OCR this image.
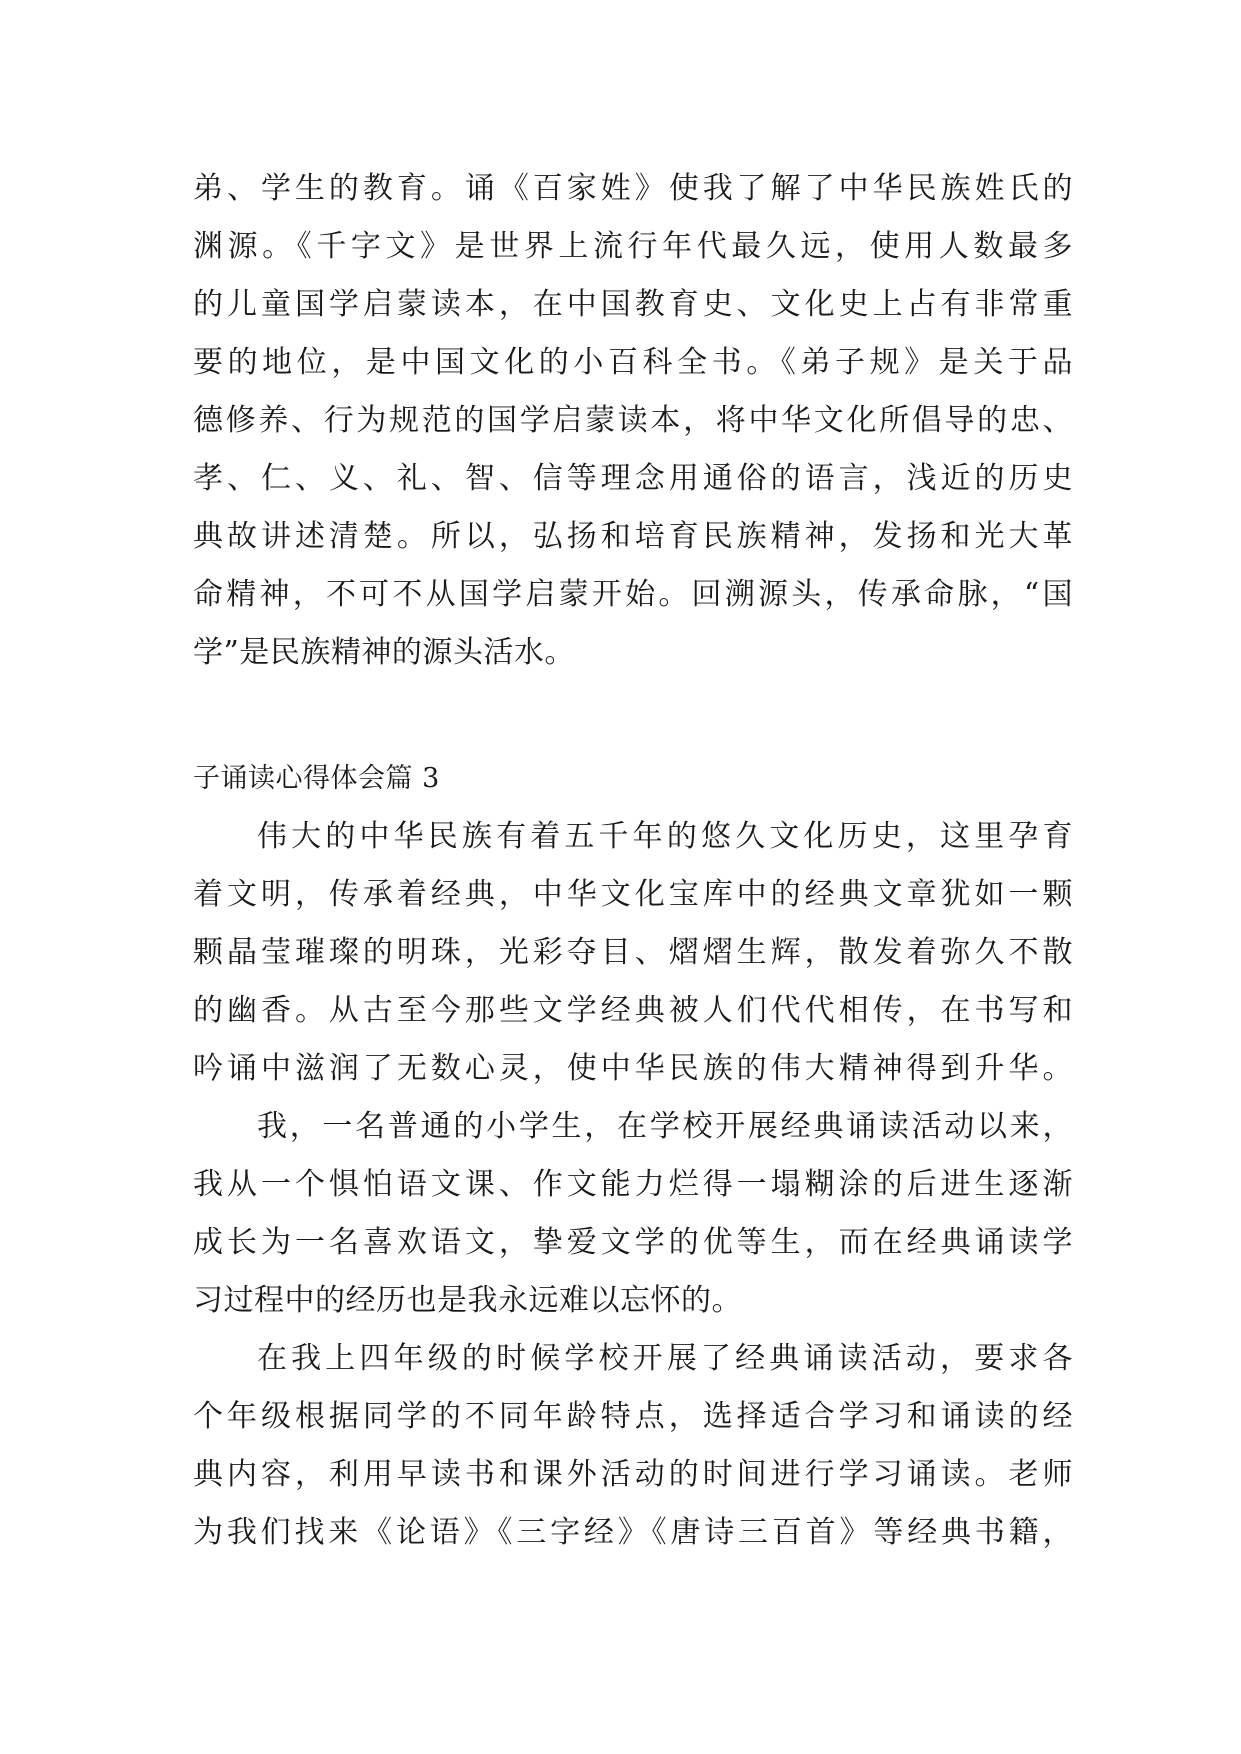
弟、学生的教育。诵《百家姓》使我了解了中华民族姓氏的
渊源。《千字文》是世界上流行年代最久远，使用人数最多
的儿童国学启蒙读本，在中国教育史、文化史上占有非常重
要的地位，是中国文化的小百科全书。《弟子规》是关于品
德修养、行为规范的国学启蒙读本，将中华文化所倡导的忠、
孝、仁、义、礼、智、信等理念用通俗的语言，浅近的历史
典故讲述清楚。所以，弘扬和培育民族精神，发扬和光大革
命精神，不可不从国学启蒙开始。回溯源头，传承命脉，“国
学”是民族精神的源头活水。
子诵读心得体会篇 3
伟大的中华民族有着五千年的悠久文化历史，这里孕育
着文明，传承着经典，中华文化宝库中的经典文章犹如一颗
颗晶莹璀璨的明珠，光彩夺目、熠熠生辉，散发着弥久不散
的幽香。从古至今那些文学经典被人们代代相传，在书写和
吟诵中滋润了无数心灵，使中华民族的伟大精神得到升华。
我，一名普通的小学生，在学校开展经典诵读活动以来，
我从一个惧怕语文课、作文能力烂得一塌糊涂的后进生逐渐
成长为一名喜欢语文，挚爱文学的优等生，而在经典诵读学
习过程中的经历也是我永远难以忘怀的。
在我上四年级的时候学校开展了经典诵读活动，要求各
个年级根据同学的不同年龄特点，选择适合学习和诵读的经
典内容，利用早读书和课外活动的时间进行学习诵读。老师
为我们找来《论语》《三字经》《唐诗三百首》等经典书籍，
